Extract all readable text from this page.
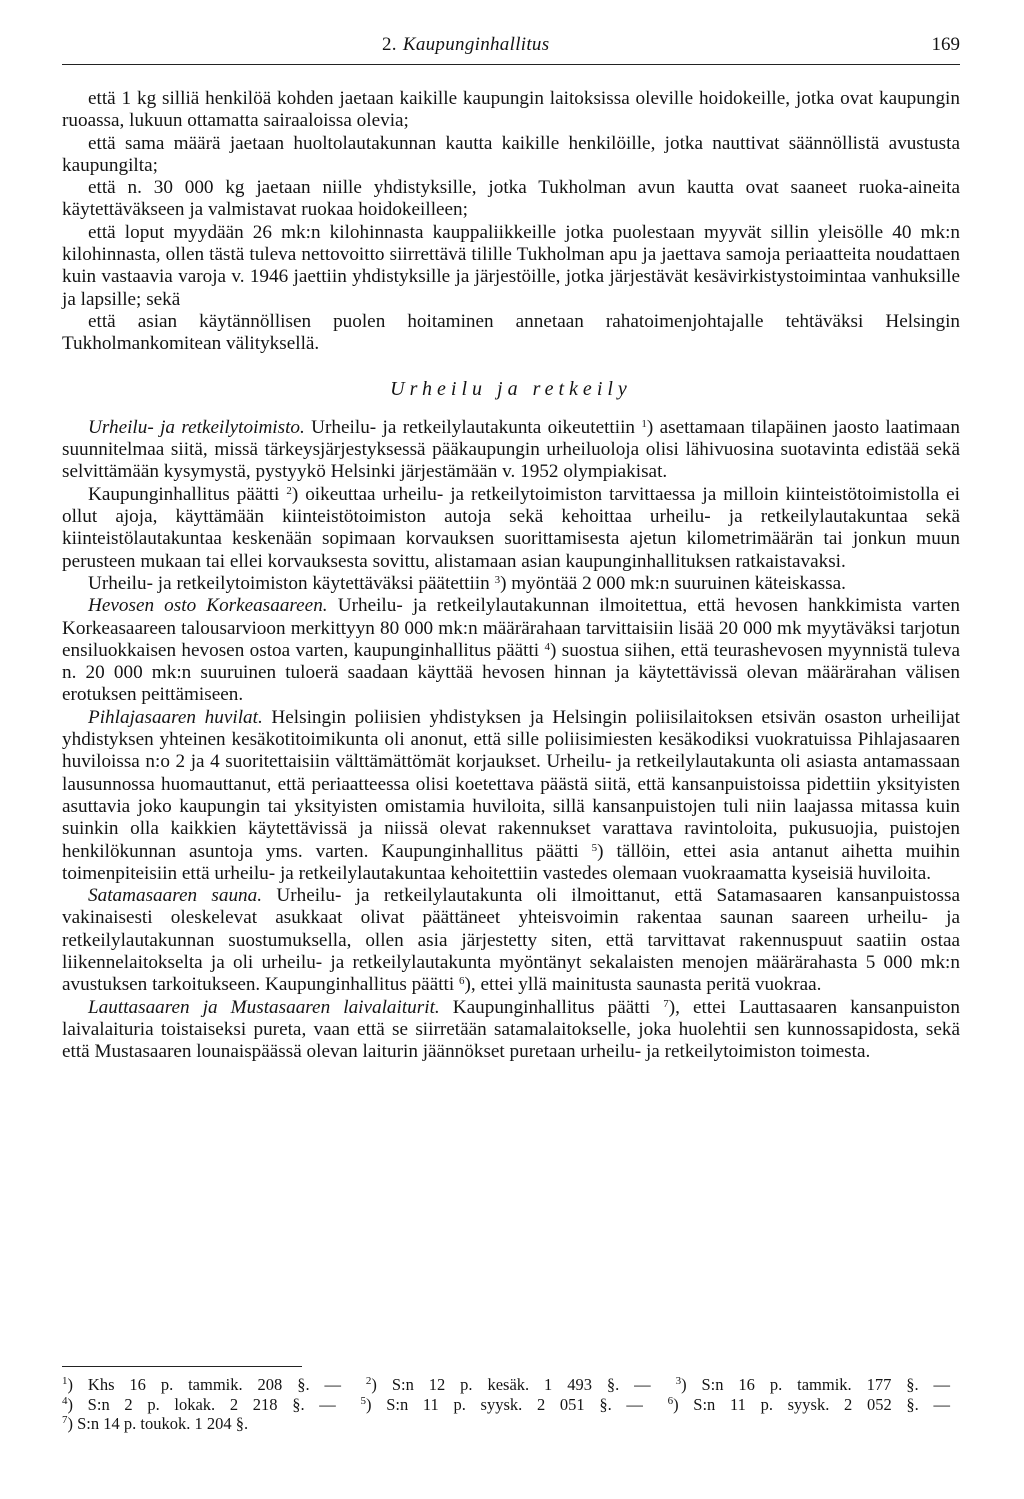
2. Kaupunginhallitus	169

että 1 kg silliä henkilöä kohden jaetaan kaikille kaupungin laitoksissa oleville hoidokeille, jotka ovat kaupungin ruoassa, lukuun ottamatta sairaaloissa olevia;

että sama määrä jaetaan huoltolautakunnan kautta kaikille henkilöille, jotka nauttivat säännöllistä avustusta kaupungilta;

että n. 30 000 kg jaetaan niille yhdistyksille, jotka Tukholman avun kautta ovat saaneet ruoka-aineita käytettäväkseen ja valmistavat ruokaa hoidokeilleen;

että loput myydään 26 mk:n kilohinnasta kauppaliikkeille jotka puolestaan myyvät sillin yleisölle 40 mk:n kilohinnasta, ollen tästä tuleva nettovoitto siirrettävä tilille Tukholman apu ja jaettava samoja periaatteita noudattaen kuin vastaavia varoja v. 1946 jaettiin yhdistyksille ja järjestöille, jotka järjestävät kesävirkistystoimintaa vanhuksille ja lapsille; sekä

että asian käytännöllisen puolen hoitaminen annetaan rahatoimenjohtajalle tehtäväksi Helsingin Tukholmankomitean välityksellä.

Urheilu ja retkeily

Urheilu- ja retkeilytoimisto. Urheilu- ja retkeilylautakunta oikeutettiin $^1$) asettamaan tilapäinen jaosto laatimaan suunnitelmaa siitä, missä tärkeysjärjestyksessä pääkaupungin urheiluoloja olisi lähivuosina suotavinta edistää sekä selvittämään kysymystä, pystyykö Helsinki järjestämään v. 1952 olympiakisat.

Kaupunginhallitus päätti $^2$) oikeuttaa urheilu- ja retkeilytoimiston tarvittaessa ja milloin kiinteistötoimistolla ei ollut ajoja, käyttämään kiinteistötoimiston autoja sekä kehoittaa urheilu- ja retkeilylautakuntaa sekä kiinteistölautakuntaa keskenään sopimaan korvauksen suorittamisesta ajetun kilometrimäärän tai jonkun muun perusteen mukaan tai ellei korvauksesta sovittu, alistamaan asian kaupunginhallituksen ratkaistavaksi.

Urheilu- ja retkeilytoimiston käytettäväksi päätettiin $^3$) myöntää 2 000 mk:n suuruinen käteiskassa.

Hevosen osto Korkeasaareen. Urheilu- ja retkeilylautakunnan ilmoitettua, että hevosen hankkimista varten Korkeasaareen talousarvioon merkittyyn 80 000 mk:n määrärahaan tarvittaisiin lisää 20 000 mk myytäväksi tarjotun ensiluokkaisen hevosen ostoa varten, kaupunginhallitus päätti $^4$) suostua siihen, että teurashevosen myynnistä tuleva n. 20 000 mk:n suuruinen tuloerä saadaan käyttää hevosen hinnan ja käytettävissä olevan määrärahan välisen erotuksen peittämiseen.

Pihlajasaaren huvilat. Helsingin poliisien yhdistyksen ja Helsingin poliisilaitoksen etsivän osaston urheilijat yhdistyksen yhteinen kesäkotitoimikunta oli anonut, että sille poliisimiesten kesäkodiksi vuokratuissa Pihlajasaaren huviloissa n:o 2 ja 4 suoritettaisiin välttämättömät korjaukset. Urheilu- ja retkeilylautakunta oli asiasta antamassaan lausunnossa huomauttanut, että periaatteessa olisi koetettava päästä siitä, että kansanpuistoissa pidettiin yksityisten asuttavia joko kaupungin tai yksityisten omistamia huviloita, sillä kansanpuistojen tuli niin laajassa mitassa kuin suinkin olla kaikkien käytettävissä ja niissä olevat rakennukset varattava ravintoloita, pukusuojia, puistojen henkilökunnan asuntoja yms. varten. Kaupunginhallitus päätti $^5$) tällöin, ettei asia antanut aihetta muihin toimenpiteisiin että urheilu- ja retkeilylautakuntaa kehoitettiin vastedes olemaan vuokraamatta kyseisiä huviloita.

Satamasaaren sauna. Urheilu- ja retkeilylautakunta oli ilmoittanut, että Satamasaaren kansanpuistossa vakinaisesti oleskelevat asukkaat olivat päättäneet yhteisvoimin rakentaa saunan saareen urheilu- ja retkeilylautakunnan suostumuksella, ollen asia järjestetty siten, että tarvittavat rakennuspuut saatiin ostaa liikennelaitokselta ja oli urheilu- ja retkeilylautakunta myöntänyt sekalaisten menojen määrärahasta 5 000 mk:n avustuksen tarkoitukseen. Kaupunginhallitus päätti $^6$), ettei yllä mainitusta saunasta peritä vuokraa.

Lauttasaaren ja Mustasaaren laivalaiturit. Kaupunginhallitus päätti $^7$), ettei Lauttasaaren kansanpuiston laivalaituria toistaiseksi pureta, vaan että se siirretään satamalaitokselle, joka huolehtii sen kunnossapidosta, sekä että Mustasaaren lounaispäässä olevan laiturin jäännökset puretaan urheilu- ja retkeilytoimiston toimesta.

$^1$) Khs 16 p. tammik. 208 §. — $^2$) S:n 12 p. kesäk. 1 493 §. — $^3$) S:n 16 p. tammik. 177 §. —
$^4$) S:n 2 p. lokak. 2 218 §. — $^5$) S:n 11 p. syysk. 2 051 §. — $^6$) S:n 11 p. syysk. 2 052 §. —
$^7$) S:n 14 p. toukok. 1 204 §.
